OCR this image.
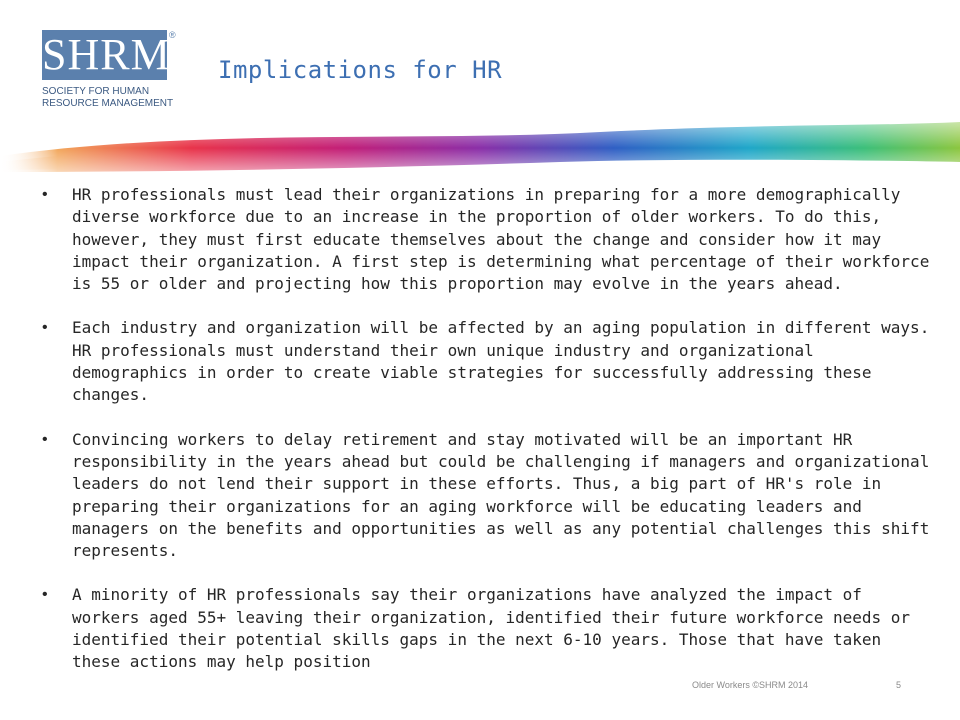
SHRM
®
SOCIETY FOR HUMAN
RESOURCE MANAGEMENT
Implications for HR
•	HR professionals must lead their organizations in preparing for a more demographically diverse workforce due to an increase in the proportion of older workers. To do this, however, they must first educate themselves about the change and consider how it may impact their organization. A first step is determining what percentage of their workforce is 55 or older and projecting how this proportion may evolve in the years ahead.
•	Each industry and organization will be affected by an aging population in different ways. HR professionals must understand their own unique industry and organizational demographics in order to create viable strategies for successfully addressing these changes.
•	Convincing workers to delay retirement and stay motivated will be an important HR responsibility in the years ahead but could be challenging if managers and organizational leaders do not lend their support in these efforts. Thus, a big part of HR's role in preparing their organizations for an aging workforce will be educating leaders and managers on the benefits and opportunities as well as any potential challenges this shift represents.
•	A minority of HR professionals say their organizations have analyzed the impact of workers aged 55+ leaving their organization, identified their future workforce needs or identified their potential skills gaps in the next 6-10 years. Those that have taken these actions may help position
Older Workers ©SHRM 2014	5
